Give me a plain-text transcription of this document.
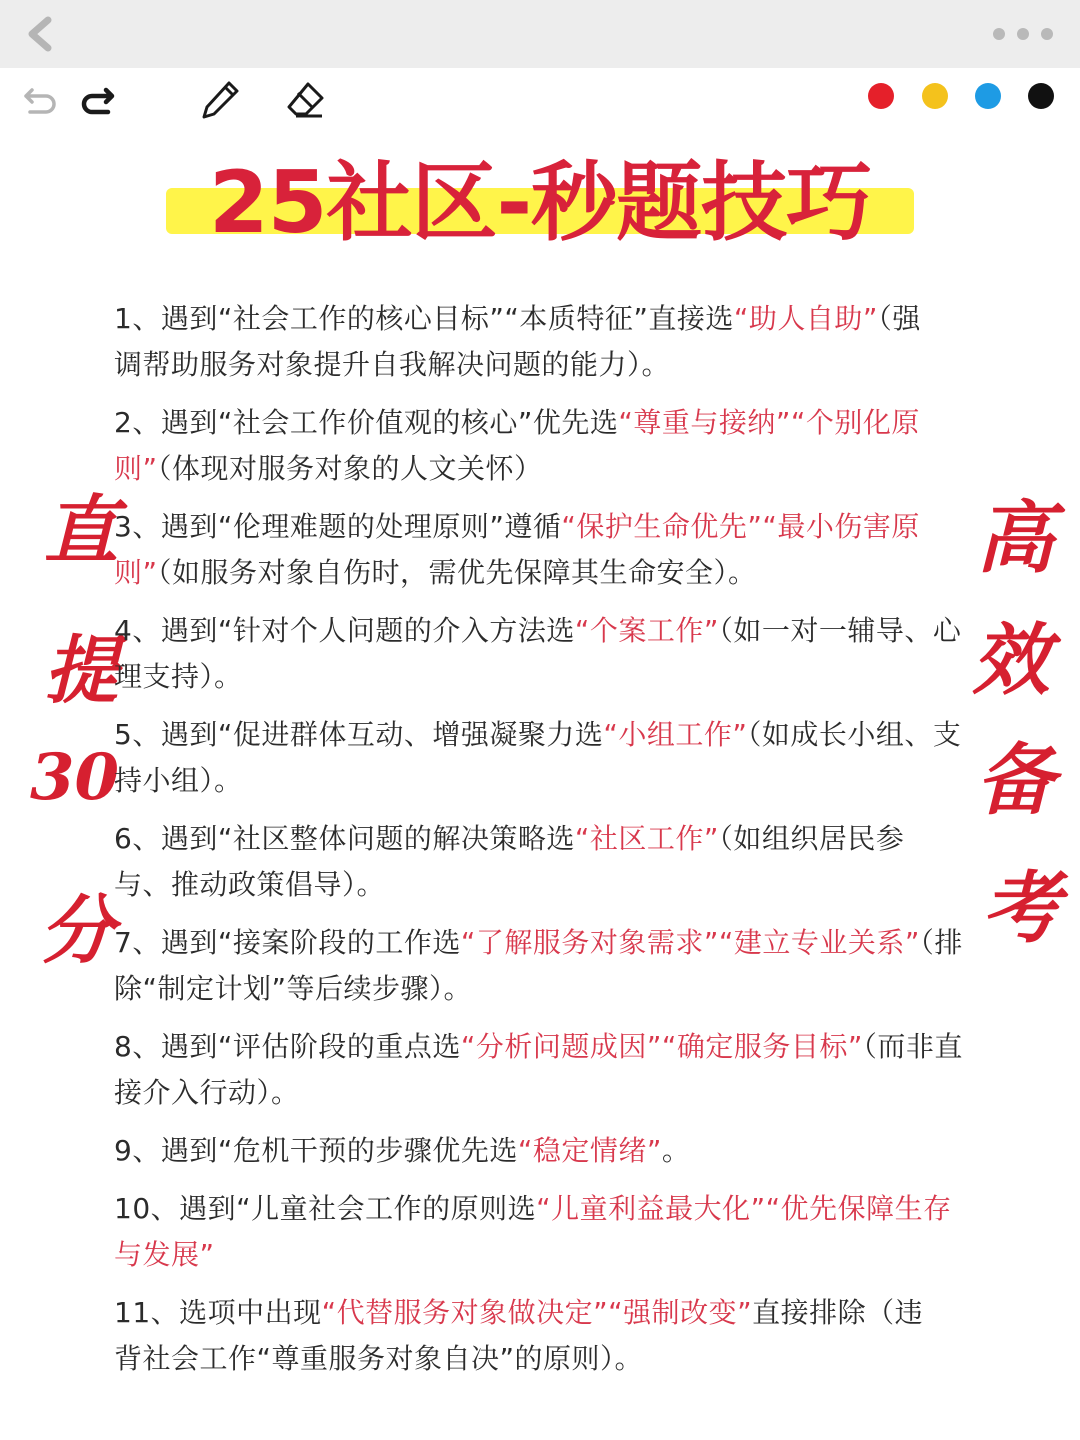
25社区-秒题技巧
直
提
30
分
高
效
备
考
1、遇到“社会工作的核心目标”“本质特征”直接选“助人自助”（强调帮助服务对象提升自我解决问题的能力）。
2、遇到“社会工作价值观的核心”优先选“尊重与接纳”“个别化原则”（体现对服务对象的人文关怀）
3、遇到“伦理难题的处理原则”遵循“保护生命优先”“最小伤害原则”（如服务对象自伤时，需优先保障其生命安全）。
4、遇到“针对个人问题的介入方法选“个案工作”（如一对一辅导、心理支持）。
5、遇到“促进群体互动、增强凝聚力选“小组工作”（如成长小组、支持小组）。
6、遇到“社区整体问题的解决策略选“社区工作”（如组织居民参与、推动政策倡导）。
7、遇到“接案阶段的工作选“了解服务对象需求”“建立专业关系”（排除“制定计划”等后续步骤）。
8、遇到“评估阶段的重点选“分析问题成因”“确定服务目标”（而非直接介入行动）。
9、遇到“危机干预的步骤优先选“稳定情绪”。
10、遇到“儿童社会工作的原则选“儿童利益最大化”“优先保障生存与发展”
11、选项中出现“代替服务对象做决定”“强制改变”直接排除（违背社会工作“尊重服务对象自决”的原则）。
